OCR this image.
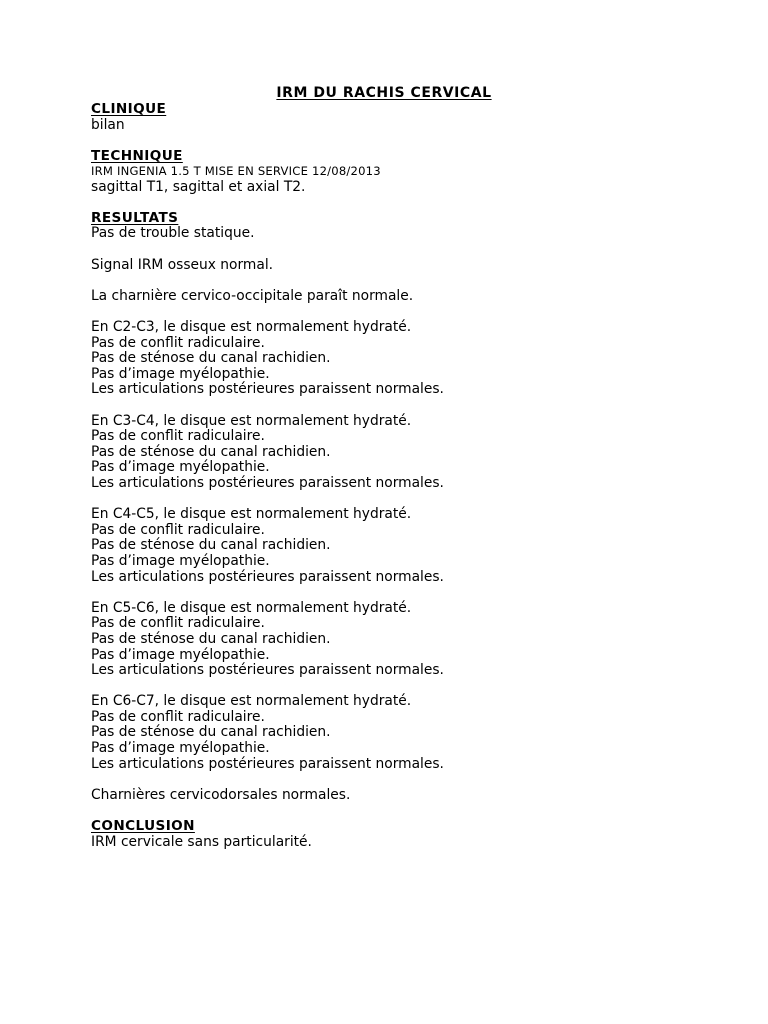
IRM DU RACHIS CERVICAL
CLINIQUE
bilan
TECHNIQUE
IRM INGENIA 1.5 T MISE EN SERVICE 12/08/2013
sagittal T1, sagittal et axial T2.
RESULTATS
Pas de trouble statique.
Signal IRM osseux normal.
La charnière cervico-occipitale paraît normale.
En C2-C3, le disque est normalement hydraté.
Pas de conflit radiculaire.
Pas de sténose du canal rachidien.
Pas d’image myélopathie.
Les articulations postérieures paraissent normales.
En C3-C4, le disque est normalement hydraté.
Pas de conflit radiculaire.
Pas de sténose du canal rachidien.
Pas d’image myélopathie.
Les articulations postérieures paraissent normales.
En C4-C5, le disque est normalement hydraté.
Pas de conflit radiculaire.
Pas de sténose du canal rachidien.
Pas d’image myélopathie.
Les articulations postérieures paraissent normales.
En C5-C6, le disque est normalement hydraté.
Pas de conflit radiculaire.
Pas de sténose du canal rachidien.
Pas d’image myélopathie.
Les articulations postérieures paraissent normales.
En C6-C7, le disque est normalement hydraté.
Pas de conflit radiculaire.
Pas de sténose du canal rachidien.
Pas d’image myélopathie.
Les articulations postérieures paraissent normales.
Charnières cervicodorsales normales.
CONCLUSION
IRM cervicale sans particularité.
